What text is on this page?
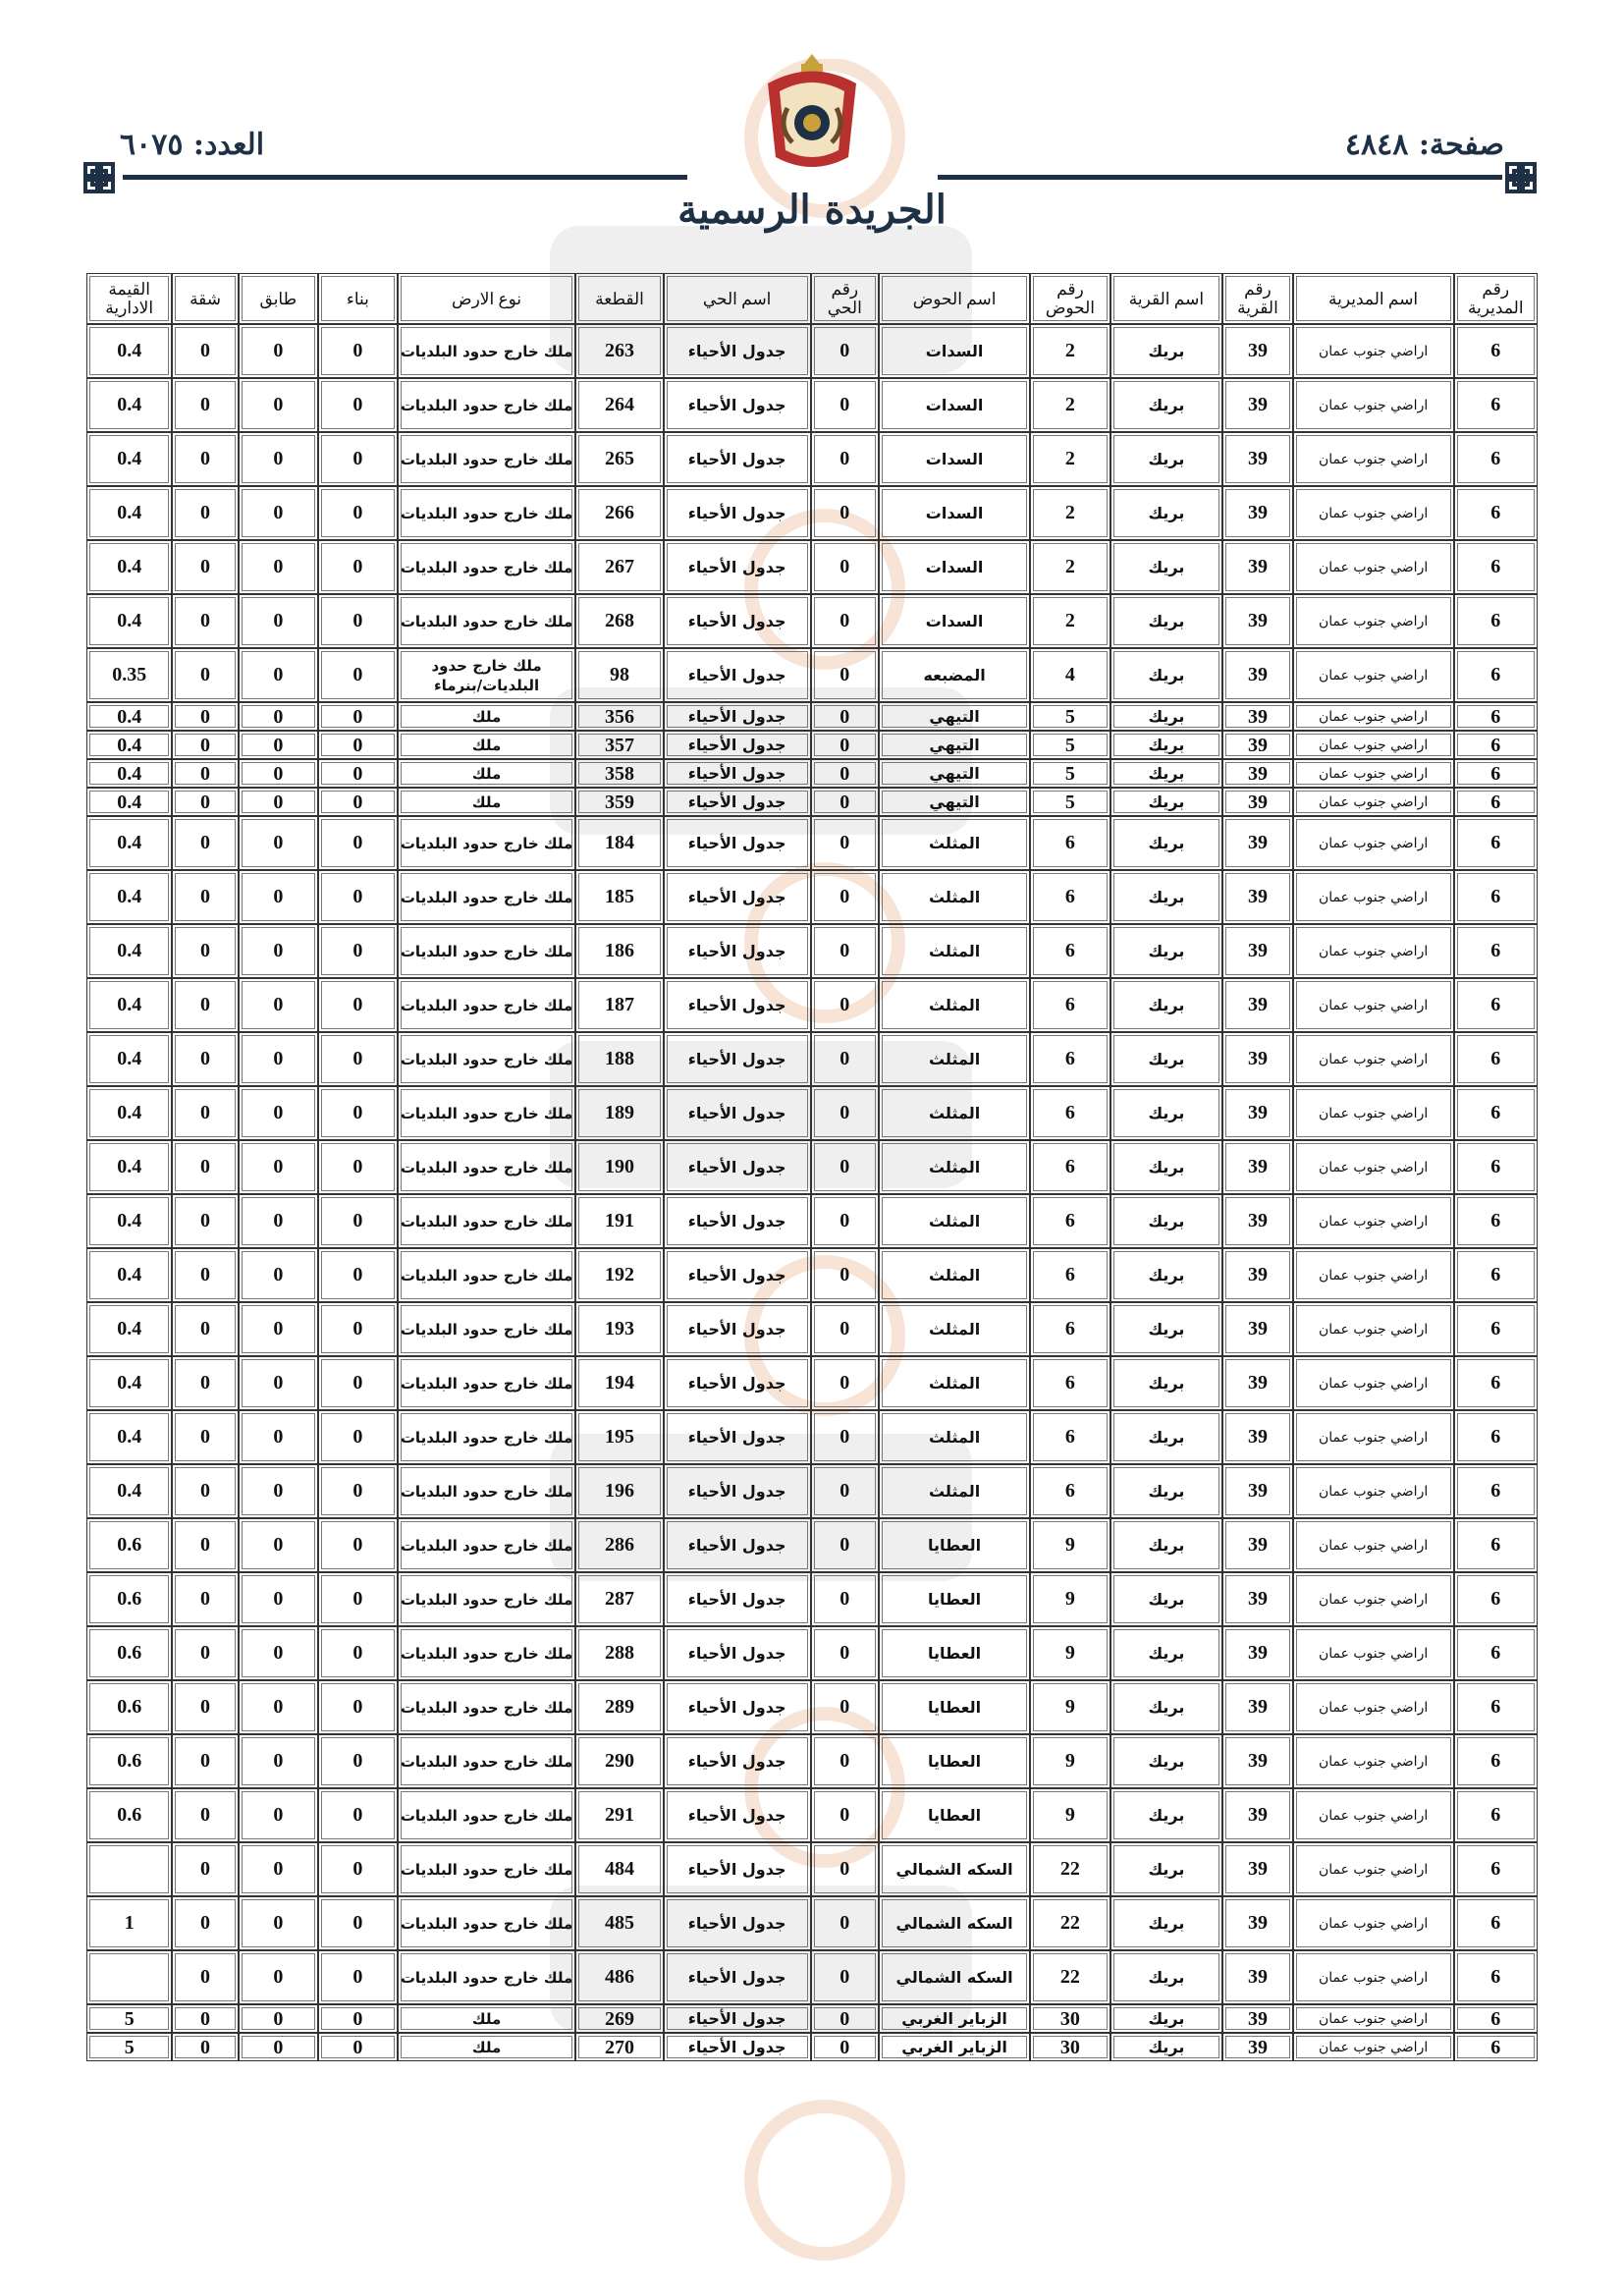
صفحة: ٤٨٤٨
العدد: ٦٠٧٥
الجريدة الرسمية
رقم المديرية	اسم المديرية	رقم القرية	اسم القرية	رقم الحوض	اسم الحوض	رقم الحي	اسم الحي	القطعة	نوع الارض	بناء	طابق	شقة	القيمة الادارية
6	اراضي جنوب عمان	39	بريك	2	السدات	0	جدول الأحياء	263	ملك خارج حدود البلديات	0	0	0	0.4
6	اراضي جنوب عمان	39	بريك	2	السدات	0	جدول الأحياء	264	ملك خارج حدود البلديات	0	0	0	0.4
6	اراضي جنوب عمان	39	بريك	2	السدات	0	جدول الأحياء	265	ملك خارج حدود البلديات	0	0	0	0.4
6	اراضي جنوب عمان	39	بريك	2	السدات	0	جدول الأحياء	266	ملك خارج حدود البلديات	0	0	0	0.4
6	اراضي جنوب عمان	39	بريك	2	السدات	0	جدول الأحياء	267	ملك خارج حدود البلديات	0	0	0	0.4
6	اراضي جنوب عمان	39	بريك	2	السدات	0	جدول الأحياء	268	ملك خارج حدود البلديات	0	0	0	0.4
6	اراضي جنوب عمان	39	بريك	4	المضبعه	0	جدول الأحياء	98	ملك خارج حدود البلديات/بنرماء	0	0	0	0.35
6	اراضي جنوب عمان	39	بريك	5	التيهي	0	جدول الأحياء	356	ملك	0	0	0	0.4
6	اراضي جنوب عمان	39	بريك	5	التيهي	0	جدول الأحياء	357	ملك	0	0	0	0.4
6	اراضي جنوب عمان	39	بريك	5	التيهي	0	جدول الأحياء	358	ملك	0	0	0	0.4
6	اراضي جنوب عمان	39	بريك	5	التيهي	0	جدول الأحياء	359	ملك	0	0	0	0.4
6	اراضي جنوب عمان	39	بريك	6	المثلث	0	جدول الأحياء	184	ملك خارج حدود البلديات	0	0	0	0.4
6	اراضي جنوب عمان	39	بريك	6	المثلث	0	جدول الأحياء	185	ملك خارج حدود البلديات	0	0	0	0.4
6	اراضي جنوب عمان	39	بريك	6	المثلث	0	جدول الأحياء	186	ملك خارج حدود البلديات	0	0	0	0.4
6	اراضي جنوب عمان	39	بريك	6	المثلث	0	جدول الأحياء	187	ملك خارج حدود البلديات	0	0	0	0.4
6	اراضي جنوب عمان	39	بريك	6	المثلث	0	جدول الأحياء	188	ملك خارج حدود البلديات	0	0	0	0.4
6	اراضي جنوب عمان	39	بريك	6	المثلث	0	جدول الأحياء	189	ملك خارج حدود البلديات	0	0	0	0.4
6	اراضي جنوب عمان	39	بريك	6	المثلث	0	جدول الأحياء	190	ملك خارج حدود البلديات	0	0	0	0.4
6	اراضي جنوب عمان	39	بريك	6	المثلث	0	جدول الأحياء	191	ملك خارج حدود البلديات	0	0	0	0.4
6	اراضي جنوب عمان	39	بريك	6	المثلث	0	جدول الأحياء	192	ملك خارج حدود البلديات	0	0	0	0.4
6	اراضي جنوب عمان	39	بريك	6	المثلث	0	جدول الأحياء	193	ملك خارج حدود البلديات	0	0	0	0.4
6	اراضي جنوب عمان	39	بريك	6	المثلث	0	جدول الأحياء	194	ملك خارج حدود البلديات	0	0	0	0.4
6	اراضي جنوب عمان	39	بريك	6	المثلث	0	جدول الأحياء	195	ملك خارج حدود البلديات	0	0	0	0.4
6	اراضي جنوب عمان	39	بريك	6	المثلث	0	جدول الأحياء	196	ملك خارج حدود البلديات	0	0	0	0.4
6	اراضي جنوب عمان	39	بريك	9	العطايا	0	جدول الأحياء	286	ملك خارج حدود البلديات	0	0	0	0.6
6	اراضي جنوب عمان	39	بريك	9	العطايا	0	جدول الأحياء	287	ملك خارج حدود البلديات	0	0	0	0.6
6	اراضي جنوب عمان	39	بريك	9	العطايا	0	جدول الأحياء	288	ملك خارج حدود البلديات	0	0	0	0.6
6	اراضي جنوب عمان	39	بريك	9	العطايا	0	جدول الأحياء	289	ملك خارج حدود البلديات	0	0	0	0.6
6	اراضي جنوب عمان	39	بريك	9	العطايا	0	جدول الأحياء	290	ملك خارج حدود البلديات	0	0	0	0.6
6	اراضي جنوب عمان	39	بريك	9	العطايا	0	جدول الأحياء	291	ملك خارج حدود البلديات	0	0	0	0.6
6	اراضي جنوب عمان	39	بريك	22	السكه الشمالي	0	جدول الأحياء	484	ملك خارج حدود البلديات	0	0	0	
6	اراضي جنوب عمان	39	بريك	22	السكه الشمالي	0	جدول الأحياء	485	ملك خارج حدود البلديات	0	0	0	1
6	اراضي جنوب عمان	39	بريك	22	السكه الشمالي	0	جدول الأحياء	486	ملك خارج حدود البلديات	0	0	0	
6	اراضي جنوب عمان	39	بريك	30	الزباير الغربي	0	جدول الأحياء	269	ملك	0	0	0	5
6	اراضي جنوب عمان	39	بريك	30	الزباير الغربي	0	جدول الأحياء	270	ملك	0	0	0	5
